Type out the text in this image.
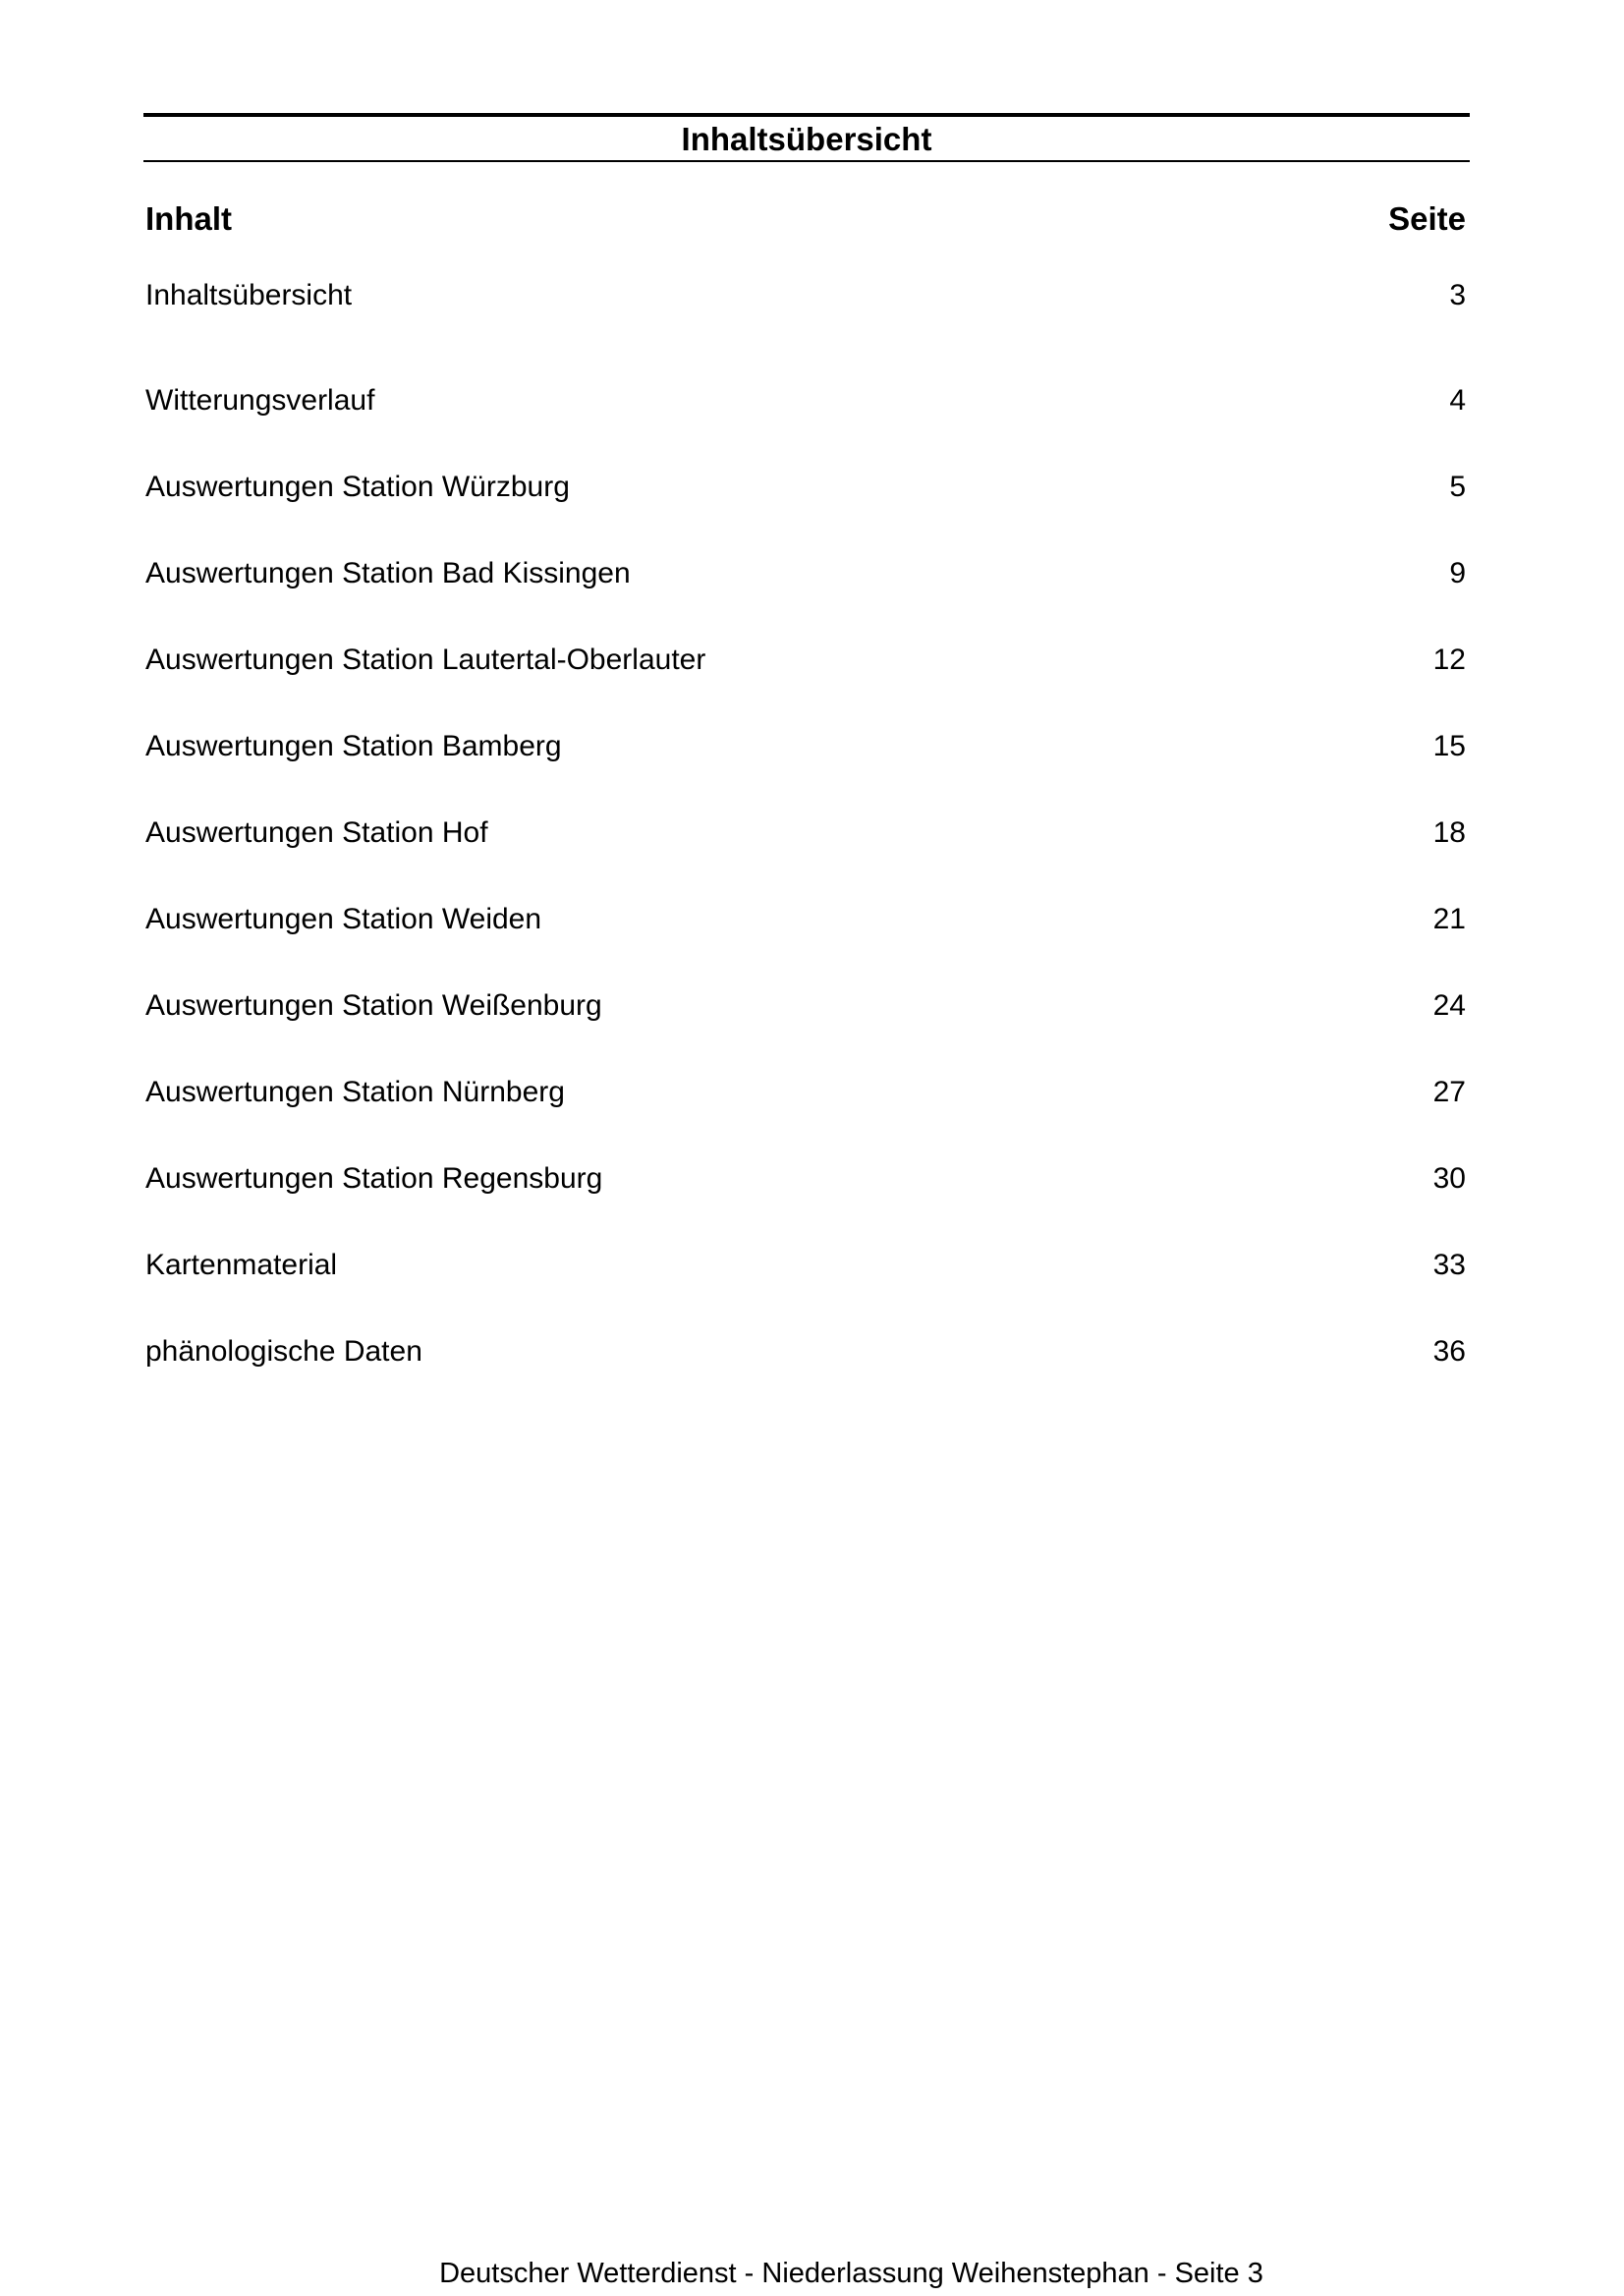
Inhaltsübersicht
Inhalt	Seite
Inhaltsübersicht	3
Witterungsverlauf	4
Auswertungen Station Würzburg	5
Auswertungen Station Bad Kissingen	9
Auswertungen Station Lautertal-Oberlauter	12
Auswertungen Station Bamberg	15
Auswertungen Station Hof	18
Auswertungen Station Weiden	21
Auswertungen Station Weißenburg	24
Auswertungen Station Nürnberg	27
Auswertungen Station Regensburg	30
Kartenmaterial	33
phänologische Daten	36
Deutscher Wetterdienst - Niederlassung Weihenstephan - Seite 3
